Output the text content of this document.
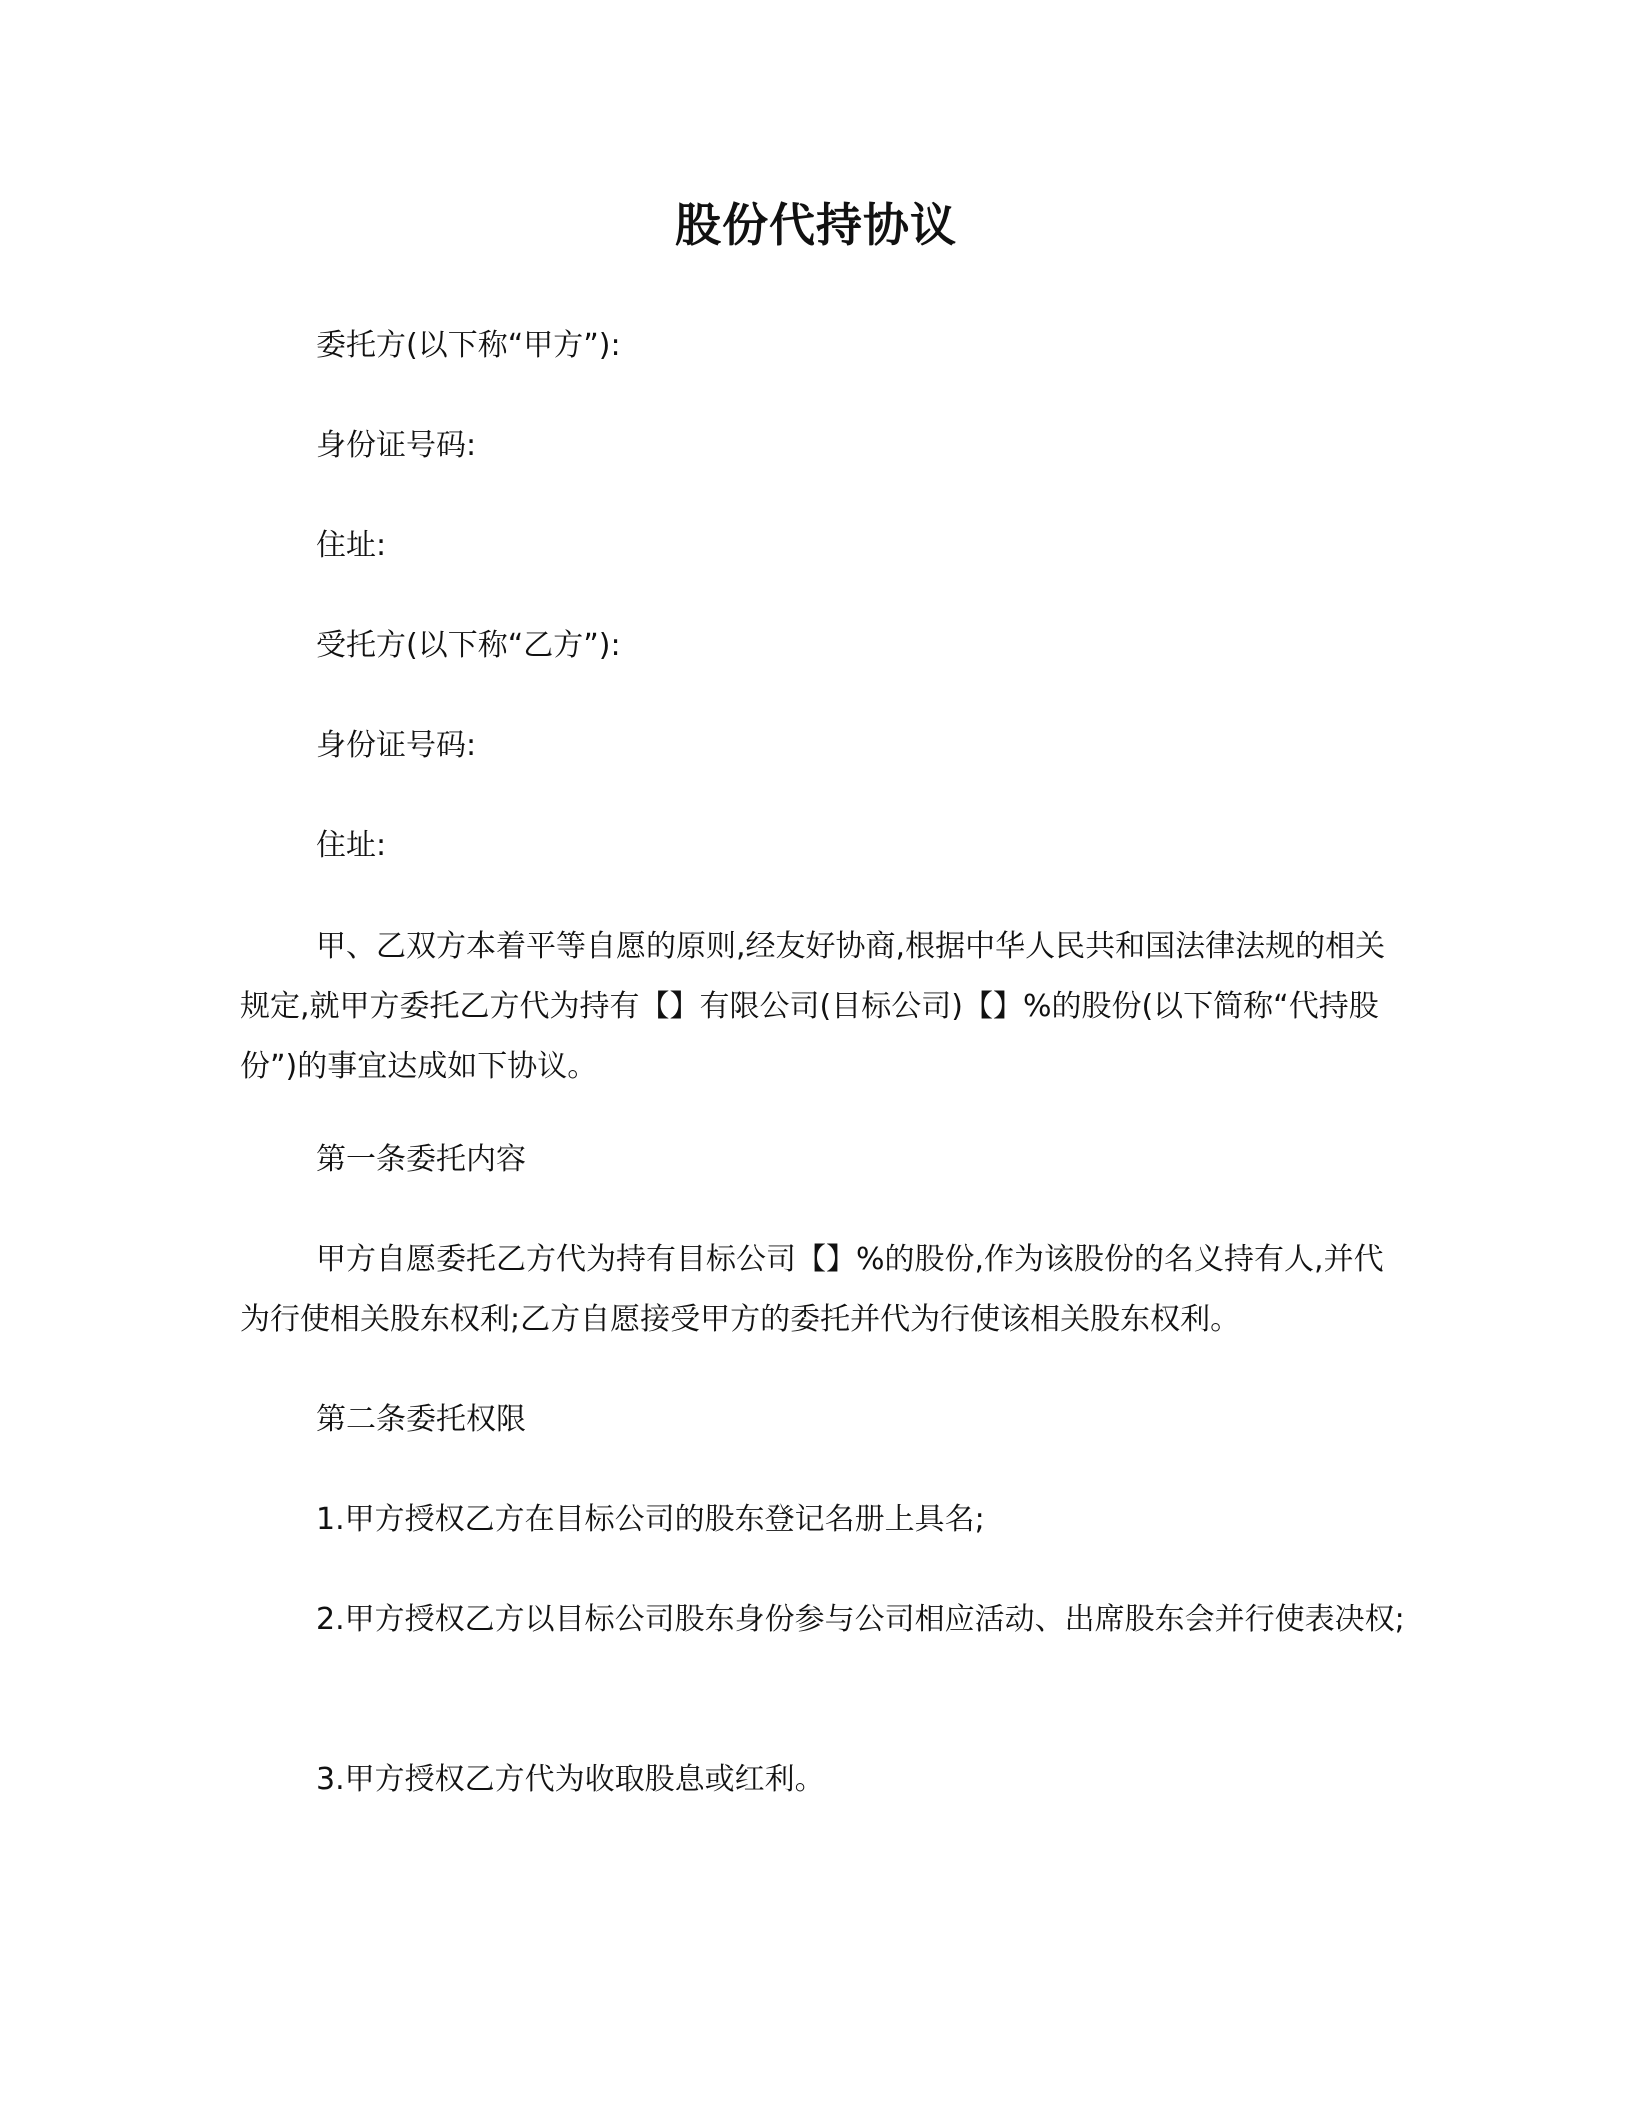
股份代持协议

委托方(以下称“甲方”):

身份证号码:

住址:

受托方(以下称“乙方”):

身份证号码:

住址:

甲、乙双方本着平等自愿的原则,经友好协商,根据中华人民共和国法律法规的相关规定,就甲方委托乙方代为持有【】有限公司(目标公司)【】%的股份(以下简称“代持股份”)的事宜达成如下协议。

第一条委托内容

甲方自愿委托乙方代为持有目标公司【】%的股份,作为该股份的名义持有人,并代为行使相关股东权利;乙方自愿接受甲方的委托并代为行使该相关股东权利。

第二条委托权限

1.甲方授权乙方在目标公司的股东登记名册上具名;

2.甲方授权乙方以目标公司股东身份参与公司相应活动、出席股东会并行使表决权;

3.甲方授权乙方代为收取股息或红利。
